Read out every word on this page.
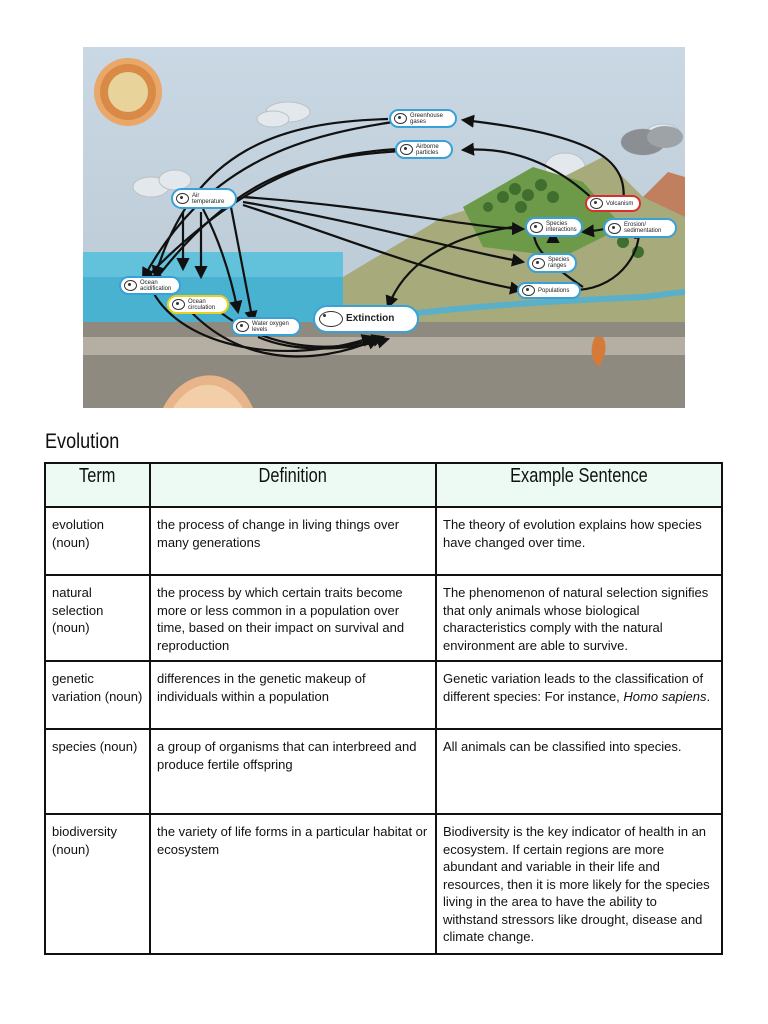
Greenhouse
gases
Airborne
particles
Air
temperature	Volcanism
Erosion/
sedimentation
Species
interactions
Species
ranges
Populations
Ocean
acidification
Ocean
circulation
Water oxygen
levels
Extinction
Evolution
Term	Definition	Example Sentence
evolution (noun)	the process of change in living things over many generations	The theory of evolution explains how species have changed over time.
natural selection (noun)	the process by which certain traits become more or less common in a population over time, based on their impact on survival and reproduction	The phenomenon of natural selection signifies that only animals whose biological characteristics comply with the natural environment are able to survive.
genetic variation (noun)	differences in the genetic makeup of individuals within a population	Genetic variation leads to the classification of different species: For instance, Homo sapiens.
species (noun)	a group of organisms that can interbreed and produce fertile offspring	All animals can be classified into species.
biodiversity (noun)	the variety of life forms in a particular habitat or ecosystem	Biodiversity is the key indicator of health in an ecosystem. If certain regions are more abundant and variable in their life and resources, then it is more likely for the species living in the area to have the ability to withstand stressors like drought, disease and climate change.
